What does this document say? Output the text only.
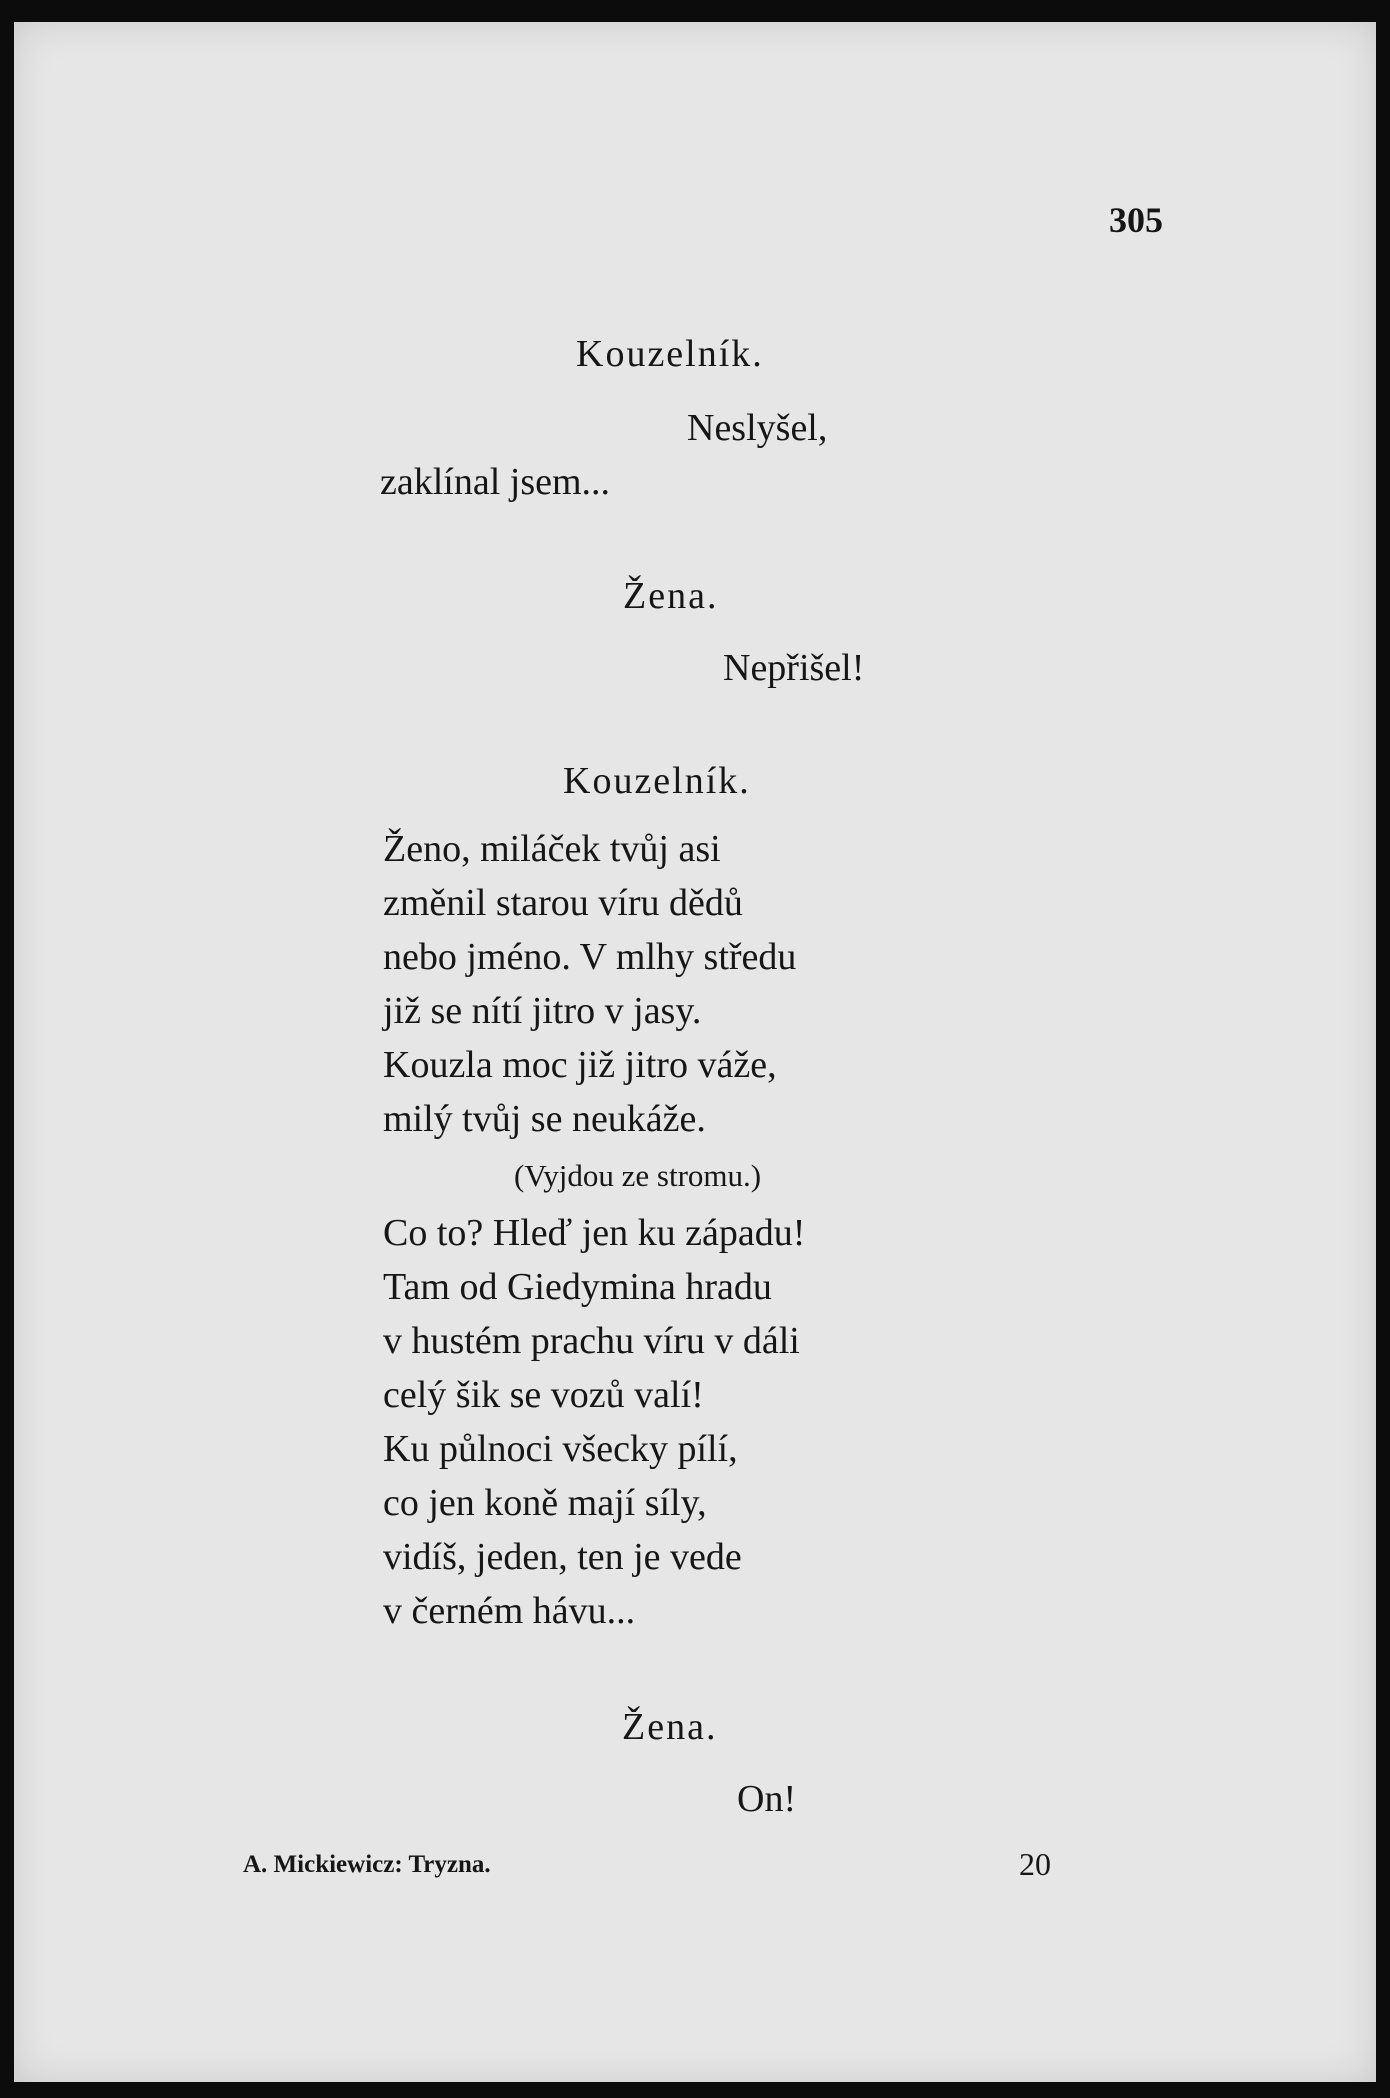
305
Kouzelník.
Neslyšel,
zaklínal jsem...
Žena.
Nepřišel!
Kouzelník.
Ženo, miláček tvůj asi
změnil starou víru dědů
nebo jméno. V mlhy středu
již se nítí jitro v jasy.
Kouzla moc již jitro váže,
milý tvůj se neukáže.
(Vyjdou ze stromu.)
Co to? Hleď jen ku západu!
Tam od Giedymina hradu
v hustém prachu víru v dáli
celý šik se vozů valí!
Ku půlnoci všecky pílí,
co jen koně mají síly,
vidíš, jeden, ten je vede
v černém hávu...
Žena.
On!
A. Mickiewicz: Tryzna.	20
